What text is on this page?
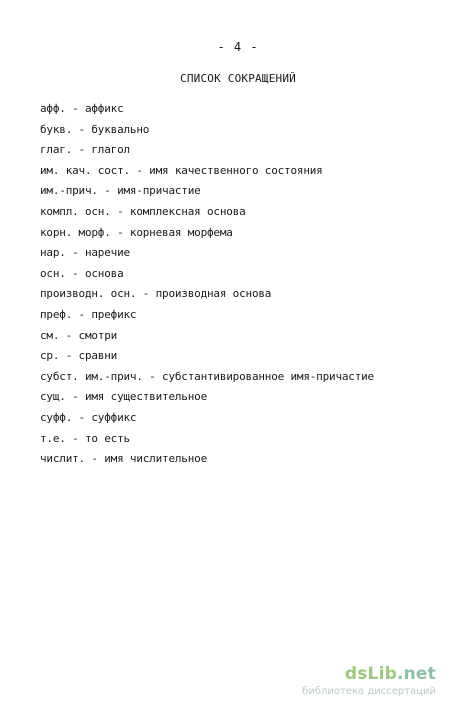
- 4 -
СПИСОК СОКРАЩЕНИЙ
афф. - аффикс
букв. - буквально
глаг. - глагол
им. кач. сост. - имя качественного состояния
им.-прич. - имя-причастие
компл. осн. - комплексная основа
корн. морф. - корневая морфема
нар. - наречие
осн. - основа
производн. осн. - производная основа
преф. - префикс
см. - смотри
ср. - сравни
субст. им.-прич. - субстантивированное имя-причастие
сущ. - имя существительное
суфф. - суффикс
т.е. - то есть
числит. - имя числительное
dsLib.net
библиотека диссертаций
